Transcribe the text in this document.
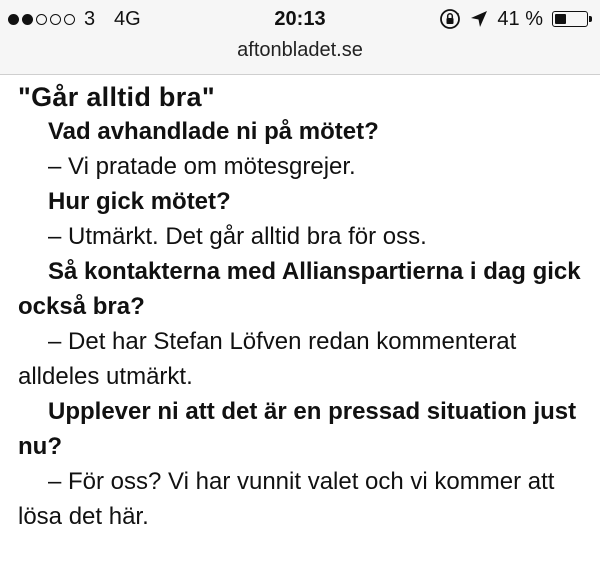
3 4G	20:13	41 %
aftonbladet.se
"Går alltid bra"

Vad avhandlade ni på mötet?

– Vi pratade om mötesgrejer.

Hur gick mötet?

– Utmärkt. Det går alltid bra för oss.

Så kontakterna med Allianspartierna i dag gick också bra?

– Det har Stefan Löfven redan kommenterat alldeles utmärkt.

Upplever ni att det är en pressad situation just nu?

– För oss? Vi har vunnit valet och vi kommer att lösa det här.
